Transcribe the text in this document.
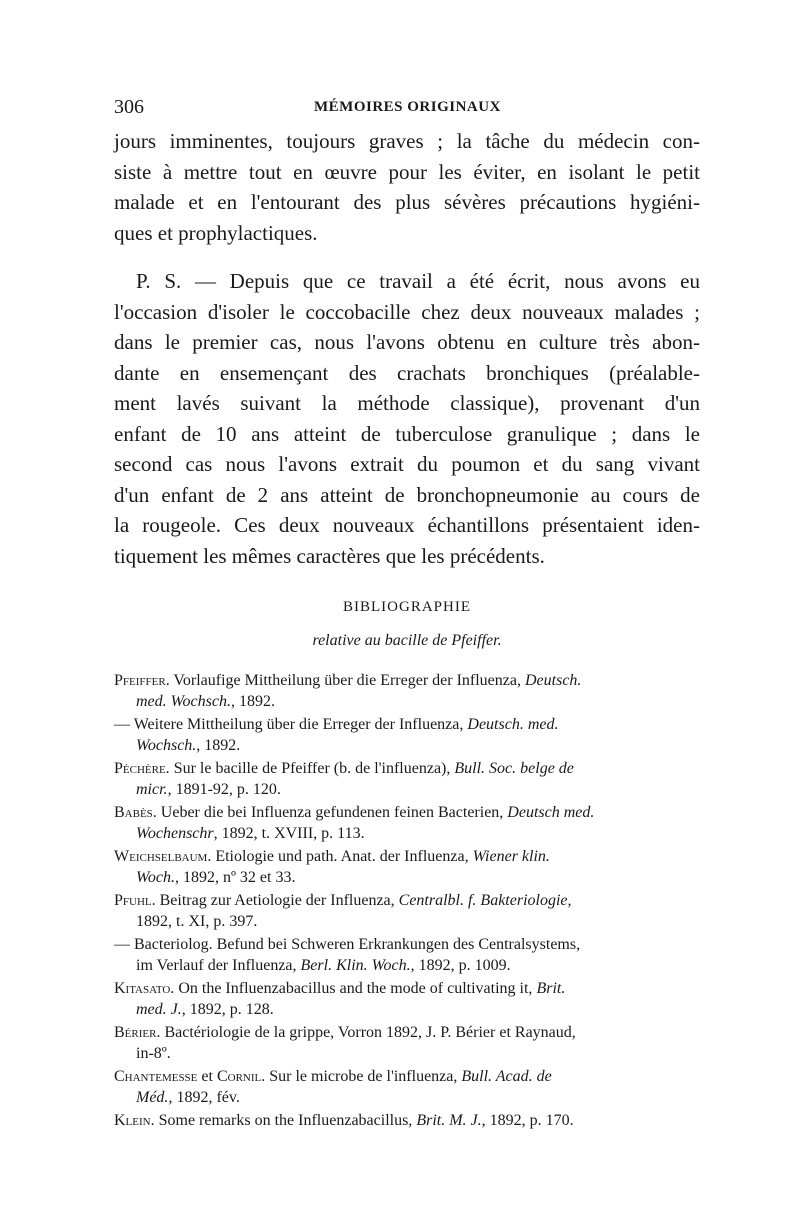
306	MÉMOIRES ORIGINAUX

jours imminentes, toujours graves ; la tâche du médecin con-
siste à mettre tout en œuvre pour les éviter, en isolant le petit
malade et en l'entourant des plus sévères précautions hygiéni-
ques et prophylactiques.

P. S. — Depuis que ce travail a été écrit, nous avons eu
l'occasion d'isoler le coccobacille chez deux nouveaux malades ;
dans le premier cas, nous l'avons obtenu en culture très abon-
dante en ensemençant des crachats bronchiques (préalable-
ment lavés suivant la méthode classique), provenant d'un
enfant de 10 ans atteint de tuberculose granulique ; dans le
second cas nous l'avons extrait du poumon et du sang vivant
d'un enfant de 2 ans atteint de bronchopneumonie au cours de
la rougeole. Ces deux nouveaux échantillons présentaient iden-
tiquement les mêmes caractères que les précédents.

BIBLIOGRAPHIE
relative au bacille de Pfeiffer.

Pfeiffer. Vorlaufige Mittheilung über die Erreger der Influenza, Deutsch.
med. Wochsch., 1892.

— Weitere Mittheilung über die Erreger der Influenza, Deutsch. med.
Wochsch., 1892.

Péchère. Sur le bacille de Pfeiffer (b. de l'influenza), Bull. Soc. belge de
micr., 1891-92, p. 120.

Babès. Ueber die bei Influenza gefundenen feinen Bacterien, Deutsch med.
Wochenschr, 1892, t. XVIII, p. 113.

Weichselbaum. Etiologie und path. Anat. der Influenza, Wiener klin.
Woch., 1892, nº 32 et 33.

Pfuhl. Beitrag zur Aetiologie der Influenza, Centralbl. f. Bakteriologie,
1892, t. XI, p. 397.

— Bacteriolog. Befund bei Schweren Erkrankungen des Centralsystems,
im Verlauf der Influenza, Berl. Klin. Woch., 1892, p. 1009.

Kitasato. On the Influenzabacillus and the mode of cultivating it, Brit.
med. J., 1892, p. 128.

Bérier. Bactériologie de la grippe, Vorron 1892, J. P. Bérier et Raynaud,
in-8º.

Chantemesse et Cornil. Sur le microbe de l'influenza, Bull. Acad. de
Méd., 1892, fév.

Klein. Some remarks on the Influenzabacillus, Brit. M. J., 1892, p. 170.
